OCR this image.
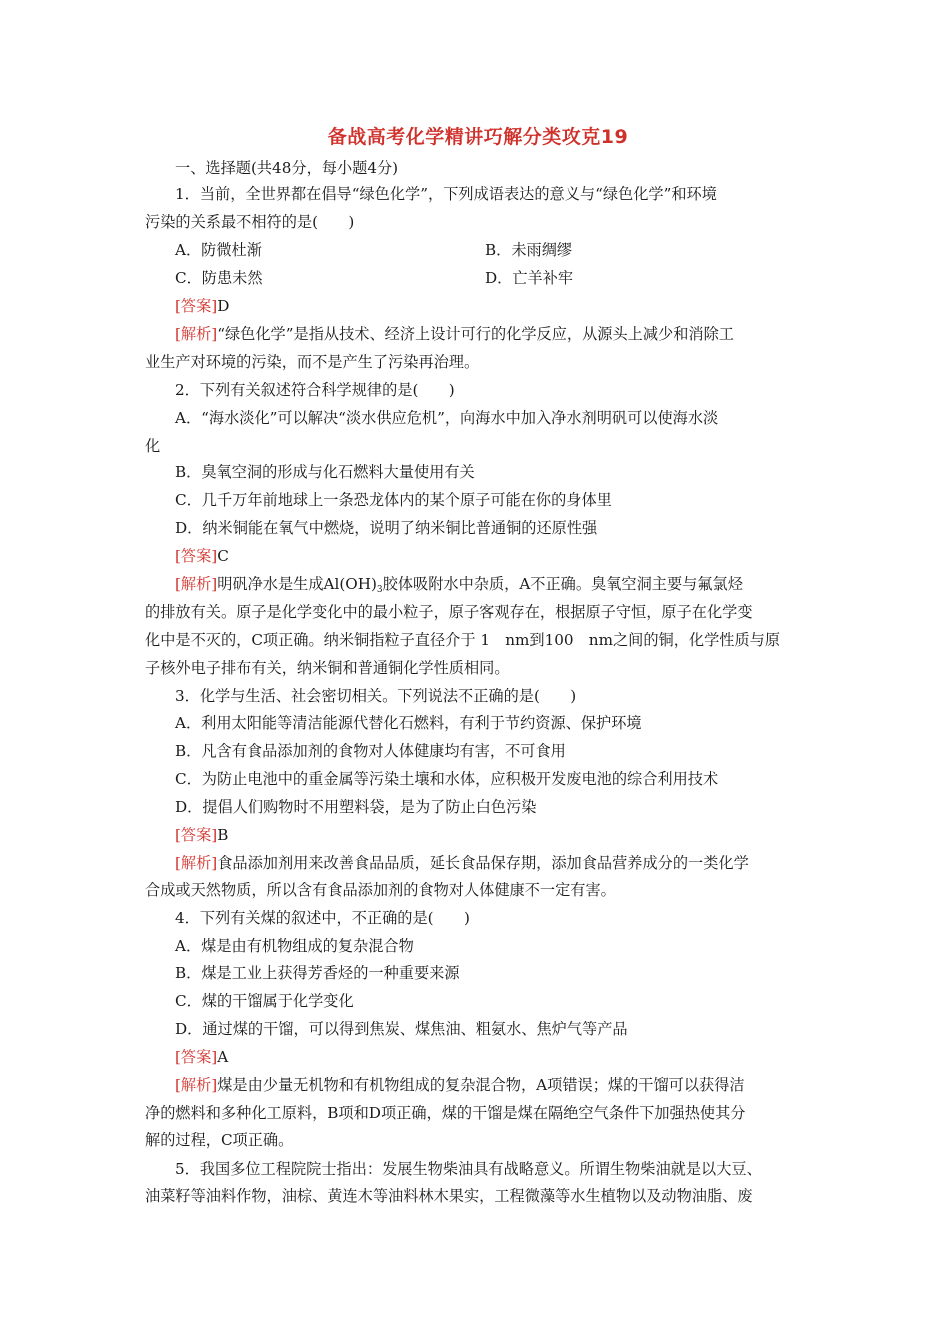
备战高考化学精讲巧解分类攻克19
一、选择题(共48分，每小题4分)
1．当前，全世界都在倡导“绿色化学”，下列成语表达的意义与“绿色化学”和环境
污染的关系最不相符的是(　　)
A．防微杜渐	B．未雨绸缪
C．防患未然	D．亡羊补牢
[答案]D
[解析]“绿色化学”是指从技术、经济上设计可行的化学反应，从源头上减少和消除工
业生产对环境的污染，而不是产生了污染再治理。
2．下列有关叙述符合科学规律的是(　　)
A．“海水淡化”可以解决“淡水供应危机”，向海水中加入净水剂明矾可以使海水淡
化
B．臭氧空洞的形成与化石燃料大量使用有关
C．几千万年前地球上一条恐龙体内的某个原子可能在你的身体里
D．纳米铜能在氧气中燃烧，说明了纳米铜比普通铜的还原性强
[答案]C
[解析]明矾净水是生成$Al(OH)_3$胶体吸附水中杂质，A不正确。臭氧空洞主要与氟氯烃
的排放有关。原子是化学变化中的最小粒子，原子客观存在，根据原子守恒，原子在化学变
化中是不灭的，C项正确。纳米铜指粒子直径介于 1　nm到100　nm之间的铜，化学性质与原
子核外电子排布有关，纳米铜和普通铜化学性质相同。
3．化学与生活、社会密切相关。下列说法不正确的是(　　)
A．利用太阳能等清洁能源代替化石燃料，有利于节约资源、保护环境
B．凡含有食品添加剂的食物对人体健康均有害，不可食用
C．为防止电池中的重金属等污染土壤和水体，应积极开发废电池的综合利用技术
D．提倡人们购物时不用塑料袋，是为了防止白色污染
[答案]B
[解析]食品添加剂用来改善食品品质，延长食品保存期，添加食品营养成分的一类化学
合成或天然物质，所以含有食品添加剂的食物对人体健康不一定有害。
4．下列有关煤的叙述中，不正确的是(　　)
A．煤是由有机物组成的复杂混合物
B．煤是工业上获得芳香烃的一种重要来源
C．煤的干馏属于化学变化
D．通过煤的干馏，可以得到焦炭、煤焦油、粗氨水、焦炉气等产品
[答案]A
[解析]煤是由少量无机物和有机物组成的复杂混合物，A项错误；煤的干馏可以获得洁
净的燃料和多种化工原料，B项和D项正确，煤的干馏是煤在隔绝空气条件下加强热使其分
解的过程，C项正确。
5．我国多位工程院院士指出：发展生物柴油具有战略意义。所谓生物柴油就是以大豆、
油菜籽等油料作物，油棕、黄连木等油料林木果实，工程微藻等水生植物以及动物油脂、废
